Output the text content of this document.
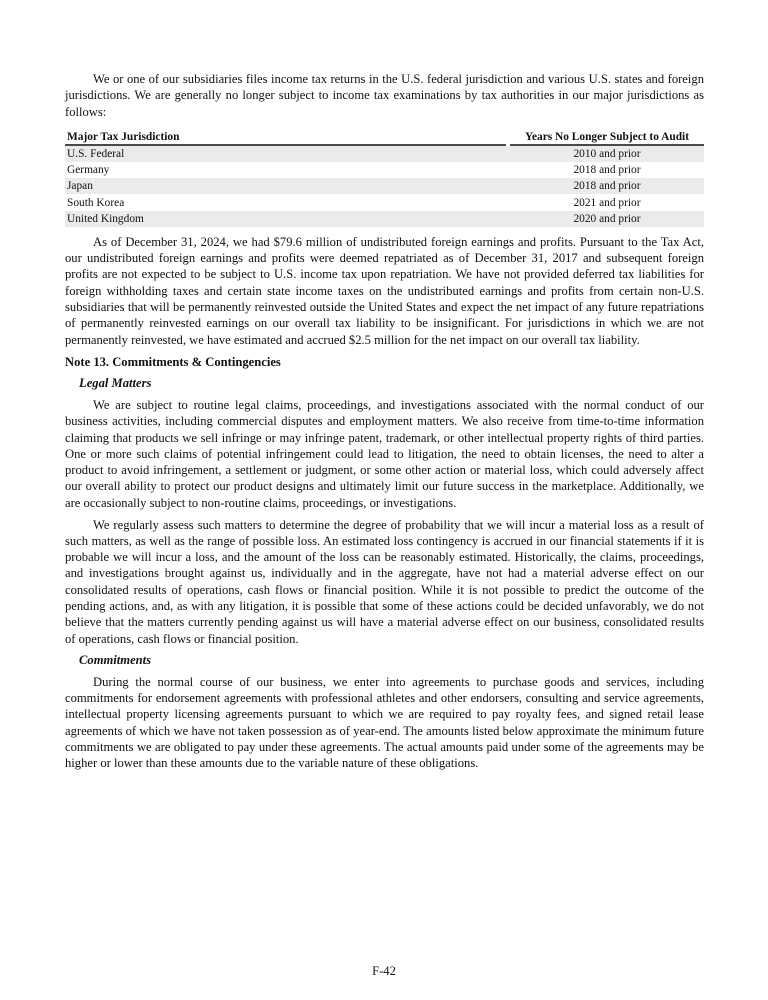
We or one of our subsidiaries files income tax returns in the U.S. federal jurisdiction and various U.S. states and foreign jurisdictions. We are generally no longer subject to income tax examinations by tax authorities in our major jurisdictions as follows:

Major Tax Jurisdiction		Years No Longer Subject to Audit
U.S. Federal		2010 and prior
Germany		2018 and prior
Japan		2018 and prior
South Korea		2021 and prior
United Kingdom		2020 and prior

As of December 31, 2024, we had $79.6 million of undistributed foreign earnings and profits. Pursuant to the Tax Act, our undistributed foreign earnings and profits were deemed repatriated as of December 31, 2017 and subsequent foreign profits are not expected to be subject to U.S. income tax upon repatriation. We have not provided deferred tax liabilities for foreign withholding taxes and certain state income taxes on the undistributed earnings and profits from certain non-U.S. subsidiaries that will be permanently reinvested outside the United States and expect the net impact of any future repatriations of permanently reinvested earnings on our overall tax liability to be insignificant. For jurisdictions in which we are not permanently reinvested, we have estimated and accrued $2.5 million for the net impact on our overall tax liability.

Note 13. Commitments & Contingencies

Legal Matters

We are subject to routine legal claims, proceedings, and investigations associated with the normal conduct of our business activities, including commercial disputes and employment matters. We also receive from time-to-time information claiming that products we sell infringe or may infringe patent, trademark, or other intellectual property rights of third parties. One or more such claims of potential infringement could lead to litigation, the need to obtain licenses, the need to alter a product to avoid infringement, a settlement or judgment, or some other action or material loss, which could adversely affect our overall ability to protect our product designs and ultimately limit our future success in the marketplace. Additionally, we are occasionally subject to non-routine claims, proceedings, or investigations.

We regularly assess such matters to determine the degree of probability that we will incur a material loss as a result of such matters, as well as the range of possible loss. An estimated loss contingency is accrued in our financial statements if it is probable we will incur a loss, and the amount of the loss can be reasonably estimated. Historically, the claims, proceedings, and investigations brought against us, individually and in the aggregate, have not had a material adverse effect on our consolidated results of operations, cash flows or financial position. While it is not possible to predict the outcome of the pending actions, and, as with any litigation, it is possible that some of these actions could be decided unfavorably, we do not believe that the matters currently pending against us will have a material adverse effect on our business, consolidated results of operations, cash flows or financial position.

Commitments

During the normal course of our business, we enter into agreements to purchase goods and services, including commitments for endorsement agreements with professional athletes and other endorsers, consulting and service agreements, intellectual property licensing agreements pursuant to which we are required to pay royalty fees, and signed retail lease agreements of which we have not taken possession as of year-end. The amounts listed below approximate the minimum future commitments we are obligated to pay under these agreements. The actual amounts paid under some of the agreements may be higher or lower than these amounts due to the variable nature of these obligations.

F-42
